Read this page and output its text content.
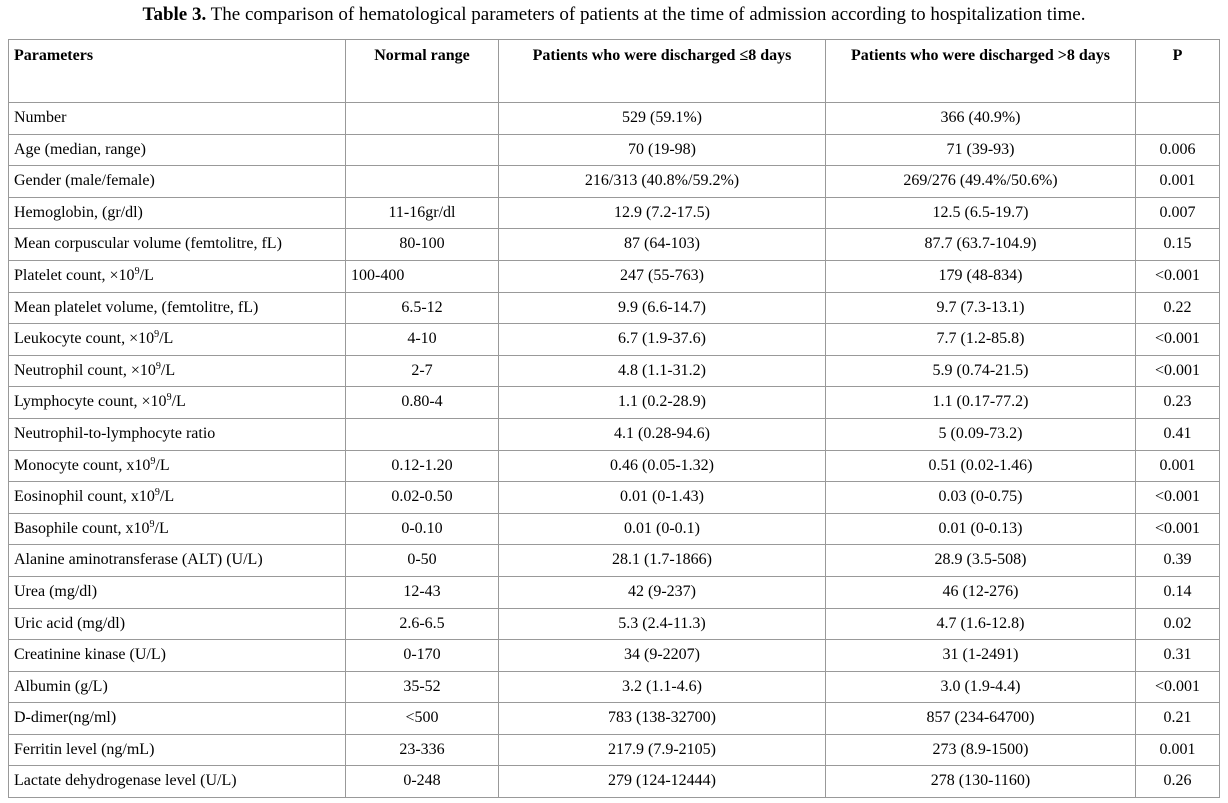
Table 3. The comparison of hematological parameters of patients at the time of admission according to hospitalization time.
Parameters	Normal range	Patients who were discharged ≤8 days	Patients who were discharged >8 days	P
Number		529 (59.1%)	366 (40.9%)	
Age (median, range)		70 (19-98)	71 (39-93)	0.006
Gender (male/female)		216/313 (40.8%/59.2%)	269/276 (49.4%/50.6%)	0.001
Hemoglobin, (gr/dl)	11-16gr/dl	12.9 (7.2-17.5)	12.5 (6.5-19.7)	0.007
Mean corpuscular volume (femtolitre, fL)	80-100	87 (64-103)	87.7 (63.7-104.9)	0.15
Platelet count, $\times 10^9/L$	100-400	247 (55-763)	179 (48-834)	<0.001
Mean platelet volume, (femtolitre, fL)	6.5-12	9.9 (6.6-14.7)	9.7 (7.3-13.1)	0.22
Leukocyte count, $\times 10^9/L$	4-10	6.7 (1.9-37.6)	7.7 (1.2-85.8)	<0.001
Neutrophil count, $\times 10^9/L$	2-7	4.8 (1.1-31.2)	5.9 (0.74-21.5)	<0.001
Lymphocyte count, $\times 10^9/L$	0.80-4	1.1 (0.2-28.9)	1.1 (0.17-77.2)	0.23
Neutrophil-to-lymphocyte ratio		4.1 (0.28-94.6)	5 (0.09-73.2)	0.41
Monocyte count, $x10^9/L$	0.12-1.20	0.46 (0.05-1.32)	0.51 (0.02-1.46)	0.001
Eosinophil count, $x10^9/L$	0.02-0.50	0.01 (0-1.43)	0.03 (0-0.75)	<0.001
Basophile count, $x10^9/L$	0-0.10	0.01 (0-0.1)	0.01 (0-0.13)	<0.001
Alanine aminotransferase (ALT) (U/L)	0-50	28.1 (1.7-1866)	28.9 (3.5-508)	0.39
Urea (mg/dl)	12-43	42 (9-237)	46 (12-276)	0.14
Uric acid (mg/dl)	2.6-6.5	5.3 (2.4-11.3)	4.7 (1.6-12.8)	0.02
Creatinine kinase (U/L)	0-170	34 (9-2207)	31 (1-2491)	0.31
Albumin (g/L)	35-52	3.2 (1.1-4.6)	3.0 (1.9-4.4)	<0.001
D-dimer(ng/ml)	<500	783 (138-32700)	857 (234-64700)	0.21
Ferritin level (ng/mL)	23-336	217.9 (7.9-2105)	273 (8.9-1500)	0.001
Lactate dehydrogenase level (U/L)	0-248	279 (124-12444)	278 (130-1160)	0.26
